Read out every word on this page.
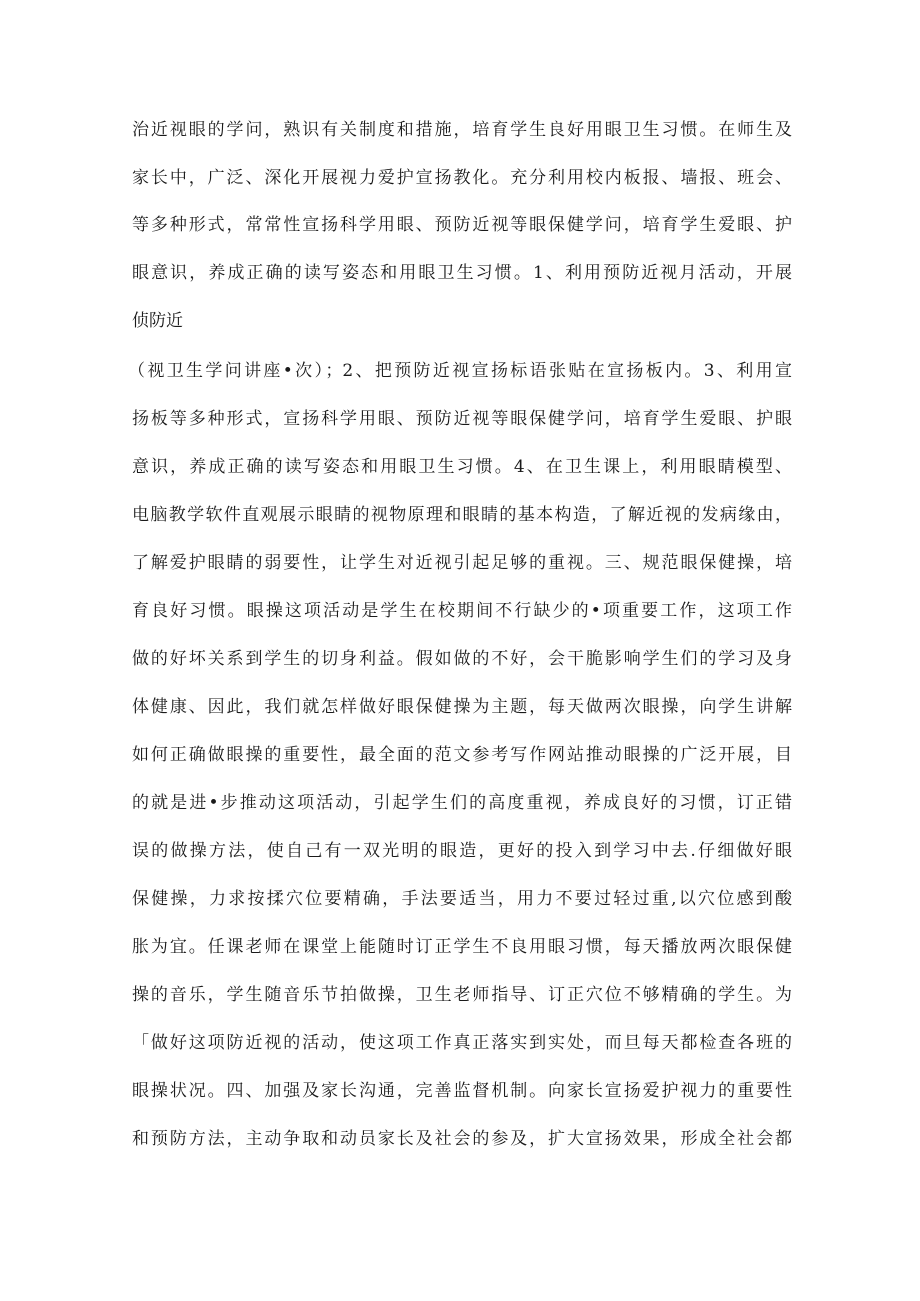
治近视眼的学问，熟识有关制度和措施，培育学生良好用眼卫生习惯。在师生及

家长中，广泛、深化开展视力爱护宣扬教化。充分利用校内板报、墙报、班会、

等多种形式，常常性宣扬科学用眼、预防近视等眼保健学问，培育学生爱眼、护

眼意识，养成正确的读写姿态和用眼卫生习惯。1、利用预防近视月活动，开展

侦防近

（视卫生学问讲座•次）；2、把预防近视宣扬标语张贴在宣扬板内。3、利用宣

扬板等多种形式，宣扬科学用眼、预防近视等眼保健学问，培育学生爱眼、护眼

意识，养成正确的读写姿态和用眼卫生习惯。4、在卫生课上，利用眼睛模型、

电脑教学软件直观展示眼睛的视物原理和眼睛的基本构造，了解近视的发病缘由，

了解爱护眼睛的弱要性，让学生对近视引起足够的重视。三、规范眼保健操，培

育良好习惯。眼操这项活动是学生在校期间不行缺少的•项重要工作，这项工作

做的好坏关系到学生的切身利益。假如做的不好，会干脆影响学生们的学习及身

体健康、因此，我们就怎样做好眼保健操为主题，每天做两次眼操，向学生讲解

如何正确做眼操的重要性，最全面的范文参考写作网站推动眼操的广泛开展，目

的就是进•步推动这项活动，引起学生们的高度重视，养成良好的习惯，订正错

误的做操方法，使自己有一双光明的眼造，更好的投入到学习中去.仔细做好眼

保健操，力求按揉穴位要精确，手法要适当，用力不要过轻过重,以穴位感到酸

胀为宜。任课老师在课堂上能随时订正学生不良用眼习惯，每天播放两次眼保健

操的音乐，学生随音乐节拍做操，卫生老师指导、订正穴位不够精确的学生。为

「做好这项防近视的活动，使这项工作真正落实到实处，而旦每天都检查各班的

眼操状况。四、加强及家长沟通，完善监督机制。向家长宣扬爱护视力的重要性

和预防方法，主动争取和动员家长及社会的参及，扩大宣扬效果，形成全社会都
